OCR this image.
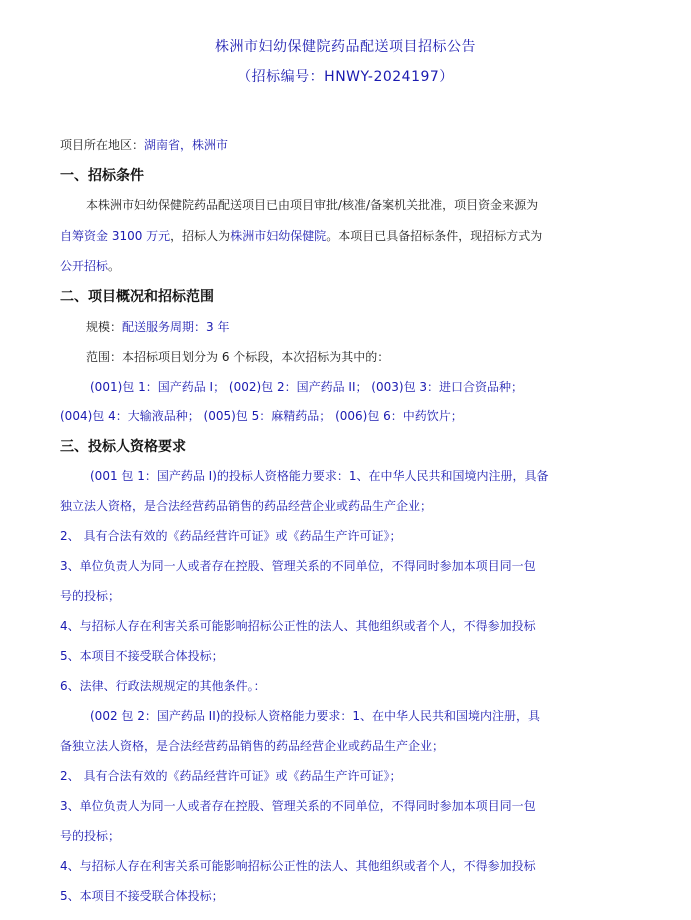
株洲市妇幼保健院药品配送项目招标公告
（招标编号：HNWY-2024197）
项目所在地区：湖南省，株洲市
一、招标条件
本株洲市妇幼保健院药品配送项目已由项目审批/核准/备案机关批准，项目资金来源为
自筹资金 3100 万元，招标人为株洲市妇幼保健院。本项目已具备招标条件，现招标方式为
公开招标。
二、项目概况和招标范围
规模：配送服务周期：3 年
范围：本招标项目划分为 6 个标段，本次招标为其中的：
(001)包 1：国产药品 I； (002)包 2：国产药品 II； (003)包 3：进口合资品种；
(004)包 4：大输液品种； (005)包 5：麻精药品； (006)包 6：中药饮片；
三、投标人资格要求
(001 包 1：国产药品 I)的投标人资格能力要求：1、在中华人民共和国境内注册，具备
独立法人资格，是合法经营药品销售的药品经营企业或药品生产企业；
2、 具有合法有效的《药品经营许可证》或《药品生产许可证》；
3、单位负责人为同一人或者存在控股、管理关系的不同单位，不得同时参加本项目同一包
号的投标；
4、与招标人存在利害关系可能影响招标公正性的法人、其他组织或者个人，不得参加投标
5、本项目不接受联合体投标；
6、法律、行政法规规定的其他条件。：
(002 包 2：国产药品 II)的投标人资格能力要求：1、在中华人民共和国境内注册，具
备独立法人资格，是合法经营药品销售的药品经营企业或药品生产企业；
2、 具有合法有效的《药品经营许可证》或《药品生产许可证》；
3、单位负责人为同一人或者存在控股、管理关系的不同单位，不得同时参加本项目同一包
号的投标；
4、与招标人存在利害关系可能影响招标公正性的法人、其他组织或者个人，不得参加投标
5、本项目不接受联合体投标；
